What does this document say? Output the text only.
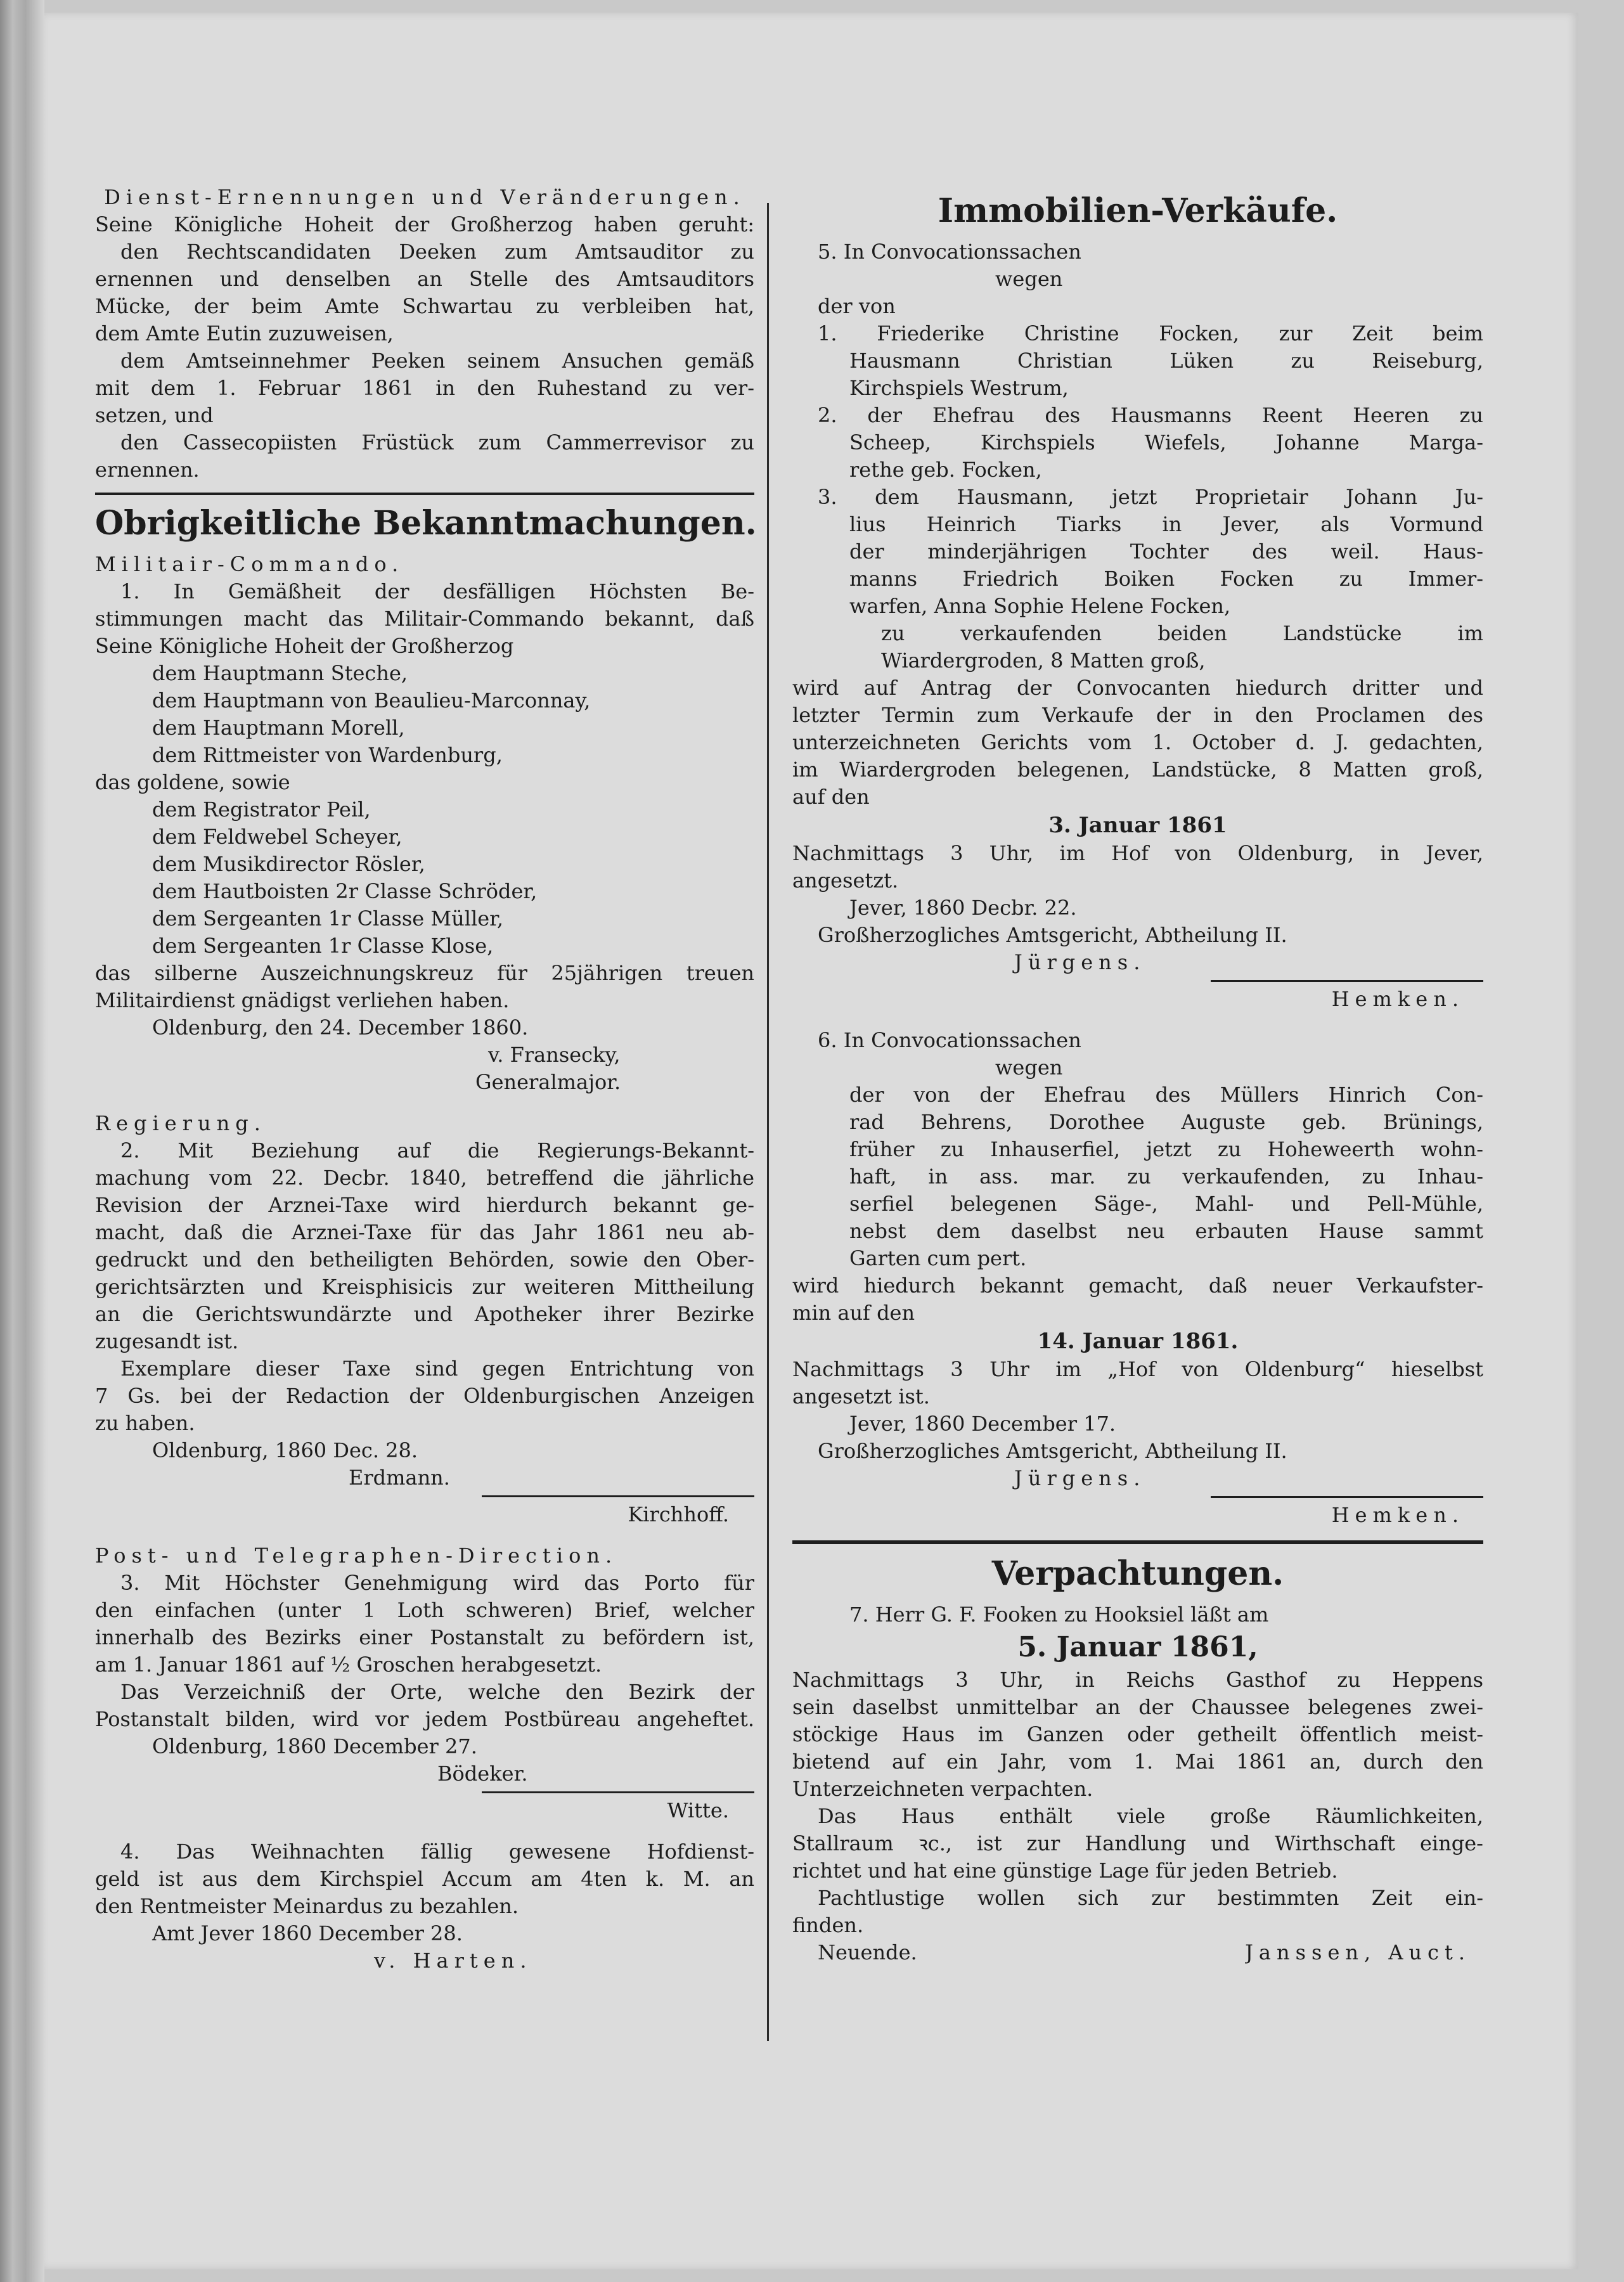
Dienst-Ernennungen und Veränderungen.

Seine Königliche Hoheit der Großherzog haben geruht:

den Rechtscandidaten Deeken zum Amtsauditor zu

ernennen und denselben an Stelle des Amtsauditors

Mücke, der beim Amte Schwartau zu verbleiben hat,

dem Amte Eutin zuzuweisen,

dem Amtseinnehmer Peeken seinem Ansuchen gemäß

mit dem 1. Februar 1861 in den Ruhestand zu ver-

setzen, und

den Cassecopiisten Früstück zum Cammerrevisor zu

ernennen.

Obrigkeitliche Bekanntmachungen.

Militair-Commando.

1. In Gemäßheit der desfälligen Höchsten Be-

stimmungen macht das Militair-Commando bekannt, daß

Seine Königliche Hoheit der Großherzog

dem Hauptmann Steche,

dem Hauptmann von Beaulieu-Marconnay,

dem Hauptmann Morell,

dem Rittmeister von Wardenburg,

das goldene, sowie

dem Registrator Peil,

dem Feldwebel Scheyer,

dem Musikdirector Rösler,

dem Hautboisten 2r Classe Schröder,

dem Sergeanten 1r Classe Müller,

dem Sergeanten 1r Classe Klose,

das silberne Auszeichnungskreuz für 25jährigen treuen

Militairdienst gnädigst verliehen haben.

Oldenburg, den 24. December 1860.

v. Fransecky,

Generalmajor.

Regierung.

2. Mit Beziehung auf die Regierungs-Bekannt-

machung vom 22. Decbr. 1840, betreffend die jährliche

Revision der Arznei-Taxe wird hierdurch bekannt ge-

macht, daß die Arznei-Taxe für das Jahr 1861 neu ab-

gedruckt und den betheiligten Behörden, sowie den Ober-

gerichtsärzten und Kreisphisicis zur weiteren Mittheilung

an die Gerichtswundärzte und Apotheker ihrer Bezirke

zugesandt ist.

Exemplare dieser Taxe sind gegen Entrichtung von

7 Gs. bei der Redaction der Oldenburgischen Anzeigen

zu haben.

Oldenburg, 1860 Dec. 28.

Erdmann.

Kirchhoff.

Post- und Telegraphen-Direction.

3. Mit Höchster Genehmigung wird das Porto für

den einfachen (unter 1 Loth schweren) Brief, welcher

innerhalb des Bezirks einer Postanstalt zu befördern ist,

am 1. Januar 1861 auf ½ Groschen herabgesetzt.

Das Verzeichniß der Orte, welche den Bezirk der

Postanstalt bilden, wird vor jedem Postbüreau angeheftet.

Oldenburg, 1860 December 27.

Bödeker.

Witte.

4. Das Weihnachten fällig gewesene Hofdienst-

geld ist aus dem Kirchspiel Accum am 4ten k. M. an

den Rentmeister Meinardus zu bezahlen.

Amt Jever 1860 December 28.

v. Harten.

Immobilien-Verkäufe.

5. In Convocationssachen

wegen

der von

1. Friederike Christine Focken, zur Zeit beim

Hausmann Christian Lüken zu Reiseburg,

Kirchspiels Westrum,

2. der Ehefrau des Hausmanns Reent Heeren zu

Scheep, Kirchspiels Wiefels, Johanne Marga-

rethe geb. Focken,

3. dem Hausmann, jetzt Proprietair Johann Ju-

lius Heinrich Tiarks in Jever, als Vormund

der minderjährigen Tochter des weil. Haus-

manns Friedrich Boiken Focken zu Immer-

warfen, Anna Sophie Helene Focken,

zu verkaufenden beiden Landstücke im

Wiardergroden, 8 Matten groß,

wird auf Antrag der Convocanten hiedurch dritter und

letzter Termin zum Verkaufe der in den Proclamen des

unterzeichneten Gerichts vom 1. October d. J. gedachten,

im Wiardergroden belegenen, Landstücke, 8 Matten groß,

auf den

3. Januar 1861

Nachmittags 3 Uhr, im Hof von Oldenburg, in Jever,

angesetzt.

Jever, 1860 Decbr. 22.

Großherzogliches Amtsgericht, Abtheilung II.

Jürgens.

Hemken.

6. In Convocationssachen

wegen

der von der Ehefrau des Müllers Hinrich Con-

rad Behrens, Dorothee Auguste geb. Brünings,

früher zu Inhauserfiel, jetzt zu Hoheweerth wohn-

haft, in ass. mar. zu verkaufenden, zu Inhau-

serfiel belegenen Säge-, Mahl- und Pell-Mühle,

nebst dem daselbst neu erbauten Hause sammt

Garten cum pert.

wird hiedurch bekannt gemacht, daß neuer Verkaufster-

min auf den

14. Januar 1861.

Nachmittags 3 Uhr im „Hof von Oldenburg“ hieselbst

angesetzt ist.

Jever, 1860 December 17.

Großherzogliches Amtsgericht, Abtheilung II.

Jürgens.

Hemken.

Verpachtungen.

7. Herr G. F. Fooken zu Hooksiel läßt am

5. Januar 1861,

Nachmittags 3 Uhr, in Reichs Gasthof zu Heppens

sein daselbst unmittelbar an der Chaussee belegenes zwei-

stöckige Haus im Ganzen oder getheilt öffentlich meist-

bietend auf ein Jahr, vom 1. Mai 1861 an, durch den

Unterzeichneten verpachten.

Das Haus enthält viele große Räumlichkeiten,

Stallraum ꝛc., ist zur Handlung und Wirthschaft einge-

richtet und hat eine günstige Lage für jeden Betrieb.

Pachtlustige wollen sich zur bestimmten Zeit ein-

finden.

Neuende.	Janssen, Auct.
